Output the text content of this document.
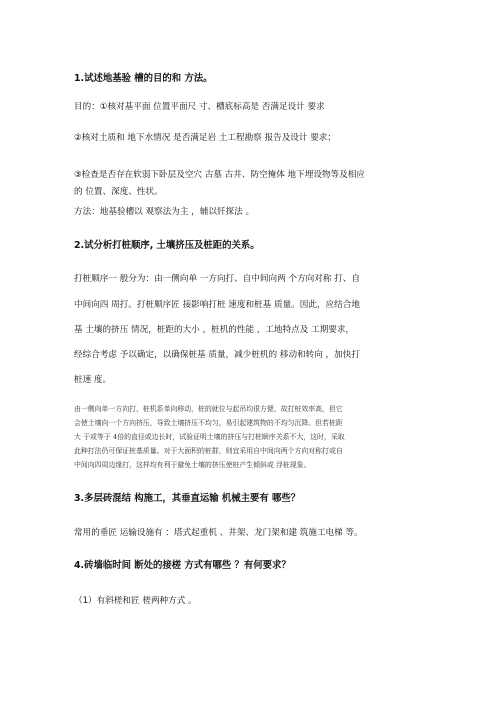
1.试述地基验 槽的目的和 方法。

目的：①核对基平面 位置平面尺 寸、槽底标高是 否满足设计 要求

②核对土质和 地下水情况 是否满足岩 土工程勘察 报告及设计 要求；

③检查是否存在软弱下卧层及空穴 古墓 古井、防空掩体 地下埋设物等及相应

的 位置、深度、性状。

方法：地基验槽以 观察法为主 ，辅以钎探法 。

2.试分析打桩顺序, 土壤挤压及桩距的关系。

打桩顺序一 般分为：由一侧向单 一方向打、自中间向两 个方向对称 打、自

中间向四 周打。打桩顺序匠 接影响打桩 速度和桩基 质量。因此，应结合地

基 土壤的挤压 情况，桩距的大小 ，桩机的性能 ，工地特点及 工期要求，

经综合考虑 予以确定，以确保桩基 质量，减少桩机的 移动和转向 ，加快打

桩速 度。

由一侧向单一方向打，桩机系单向移动，桩的就位与起吊均很方便，故打桩效率高，但它

会使土壤向一个方向挤压，导致土壤挤压不均匀，易引起建筑物的不均匀沉降。但若桩距

大 于或等于 4倍的直径或边长时，试验证明土壤的挤压与打桩顺序关系不大，这时，采取

此种打法仍可保证桩基质量。对于大面积的桩群，则宜采用自中间向两个方向对称打或自

中间向四周边缘打，这样均有利于避免土壤的挤压使桩产生倾斜或 浮桩现象。

3.多层砖混结 构施工，其垂直运输 机械主要有 哪些？

常用的垂匠 运输设施有 ：塔式起重机 、井架、龙门架和建 筑施工电梯 等。

4.砖墙临时间 断处的接槎 方式有哪些 ？有何要求？

（1）有斜槎和匠 槎两种方式 。
